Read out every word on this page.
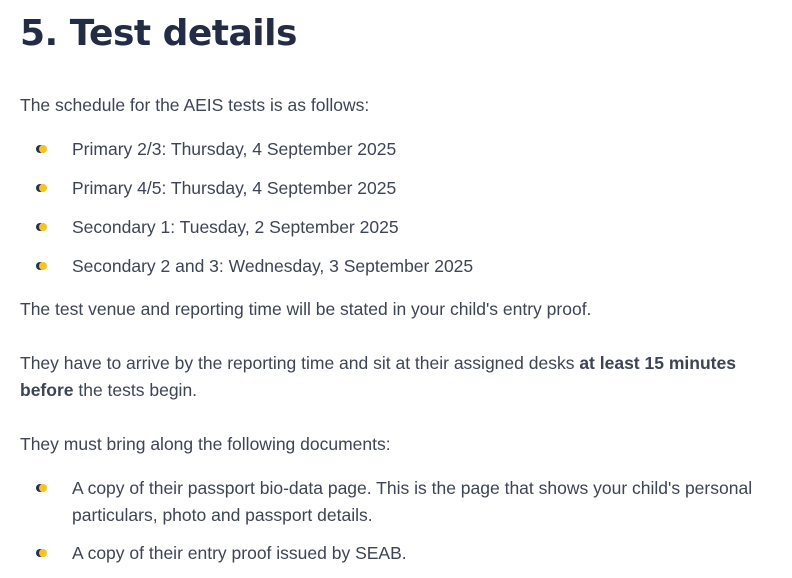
5. Test details

The schedule for the AEIS tests is as follows:

Primary 2/3: Thursday, 4 September 2025
Primary 4/5: Thursday, 4 September 2025
Secondary 1: Tuesday, 2 September 2025
Secondary 2 and 3: Wednesday, 3 September 2025

The test venue and reporting time will be stated in your child's entry proof.

They have to arrive by the reporting time and sit at their assigned desks at least 15 minutes before the tests begin.

They must bring along the following documents:

A copy of their passport bio-data page. This is the page that shows your child's personal particulars, photo and passport details.
A copy of their entry proof issued by SEAB.
